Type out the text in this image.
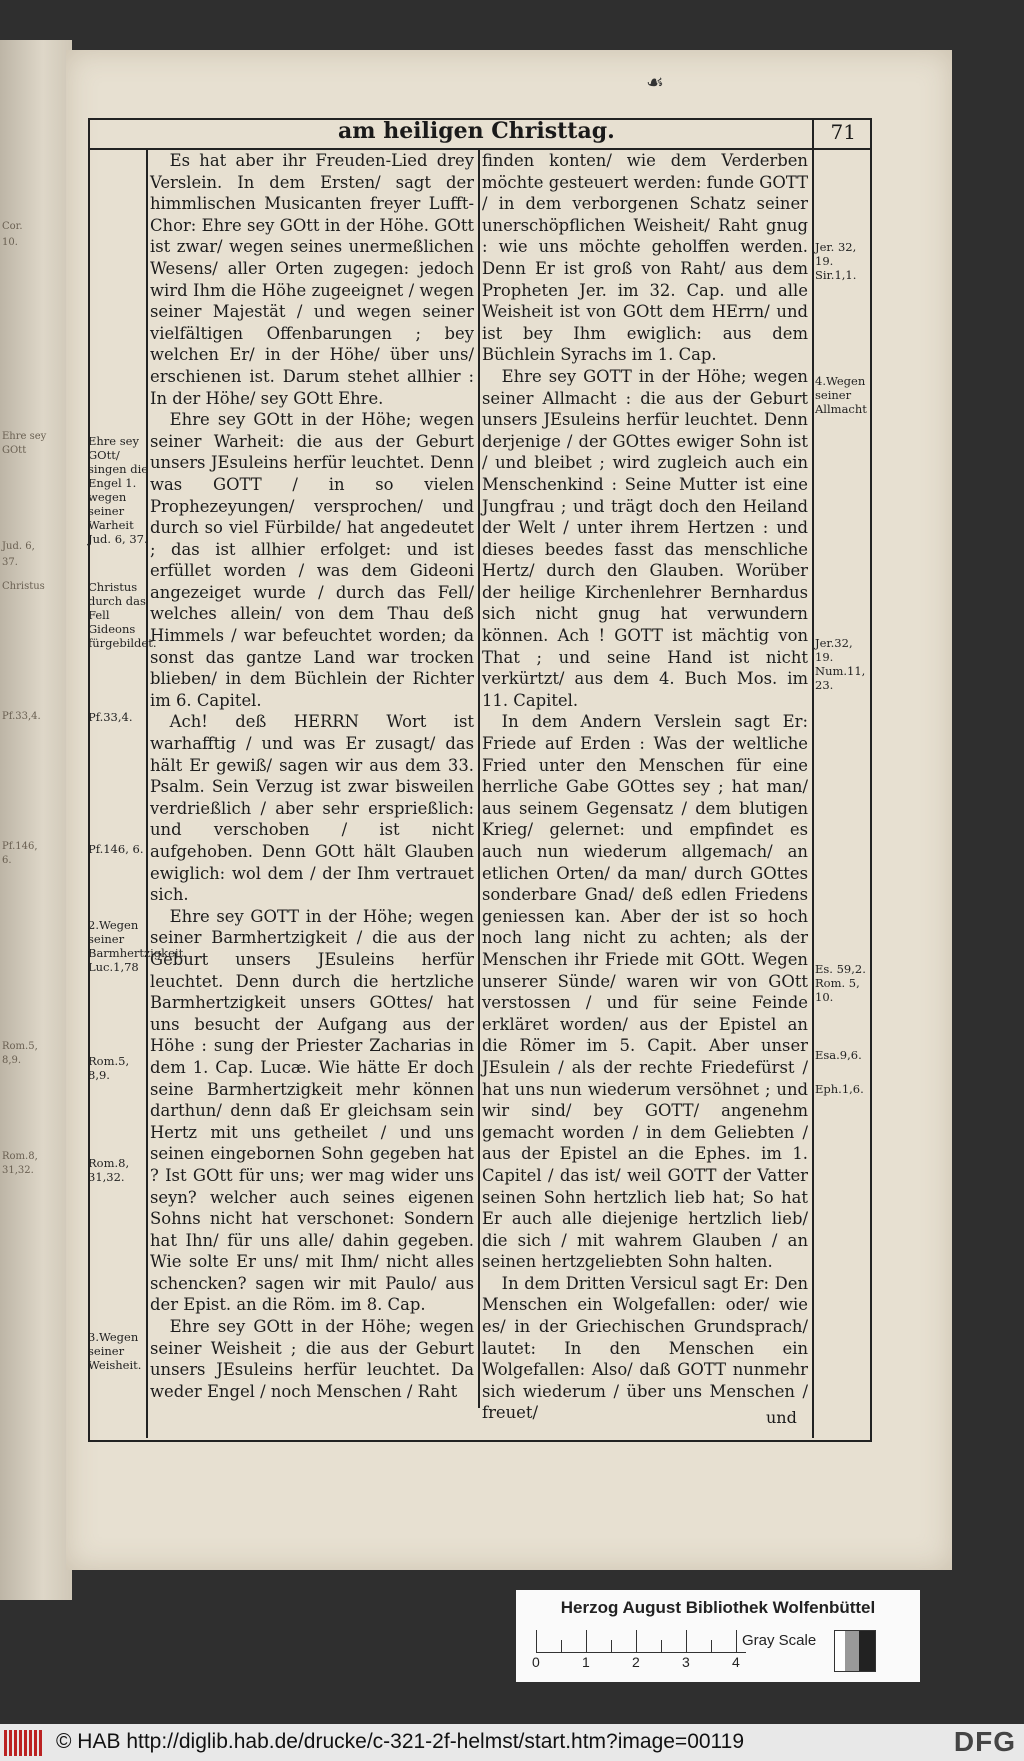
Cor.
10.
Ehre sey GOtt
Jud. 6,
37.
Christus
Pf.33,4.
Pf.146,
6.
Rom.5,
8,9.
Rom.8,
31,32.
☙
am heiligen Christtag.	71

Es hat aber ihr Freuden-Lied drey Verslein. In dem Ersten/ sagt der himmlischen Musicanten freyer Lufft-Chor: Ehre sey GOtt in der Höhe. GOtt ist zwar/ wegen seines unermeßlichen Wesens/ aller Orten zugegen: jedoch wird Ihm die Höhe zugeeignet / wegen seiner Majestät / und wegen seiner vielfältigen Offenbarungen ; bey welchen Er/ in der Höhe/ über uns/ erschienen ist. Darum stehet allhier : In der Höhe/ sey GOtt Ehre.

Ehre sey GOtt in der Höhe; wegen seiner Warheit: die aus der Geburt unsers JEsuleins herfür leuchtet. Denn was GOTT / in so vielen Prophezeyungen/ versprochen/ und durch so viel Fürbilde/ hat angedeutet ; das ist allhier erfolget: und ist erfüllet worden / was dem Gideoni angezeiget wurde / durch das Fell/ welches allein/ von dem Thau deß Himmels / war befeuchtet worden; da sonst das gantze Land war trocken blieben/ in dem Büchlein der Richter im 6. Capitel.

Ach! deß HERRN Wort ist warhafftig / und was Er zusagt/ das hält Er gewiß/ sagen wir aus dem 33. Psalm. Sein Verzug ist zwar bisweilen verdrießlich / aber sehr ersprießlich: und verschoben / ist nicht aufgehoben. Denn GOtt hält Glauben ewiglich: wol dem / der Ihm vertrauet sich.

Ehre sey GOTT in der Höhe; wegen seiner Barmhertzigkeit / die aus der Geburt unsers JEsuleins herfür leuchtet. Denn durch die hertzliche Barmhertzigkeit unsers GOttes/ hat uns besucht der Aufgang aus der Höhe : sung der Priester Zacharias in dem 1. Cap. Lucæ. Wie hätte Er doch seine Barmhertzigkeit mehr können darthun/ denn daß Er gleichsam sein Hertz mit uns getheilet / und uns seinen eingebornen Sohn gegeben hat ? Ist GOtt für uns; wer mag wider uns seyn? welcher auch seines eigenen Sohns nicht hat verschonet: Sondern hat Ihn/ für uns alle/ dahin gegeben. Wie solte Er uns/ mit Ihm/ nicht alles schencken? sagen wir mit Paulo/ aus der Epist. an die Röm. im 8. Cap.

Ehre sey GOtt in der Höhe; wegen seiner Weisheit ; die aus der Geburt unsers JEsuleins herfür leuchtet. Da weder Engel / noch Menschen / Raht

finden konten/ wie dem Verderben möchte gesteuert werden: funde GOTT / in dem verborgenen Schatz seiner unerschöpflichen Weisheit/ Raht gnug : wie uns möchte geholffen werden. Denn Er ist groß von Raht/ aus dem Propheten Jer. im 32. Cap. und alle Weisheit ist von GOtt dem HErrn/ und ist bey Ihm ewiglich: aus dem Büchlein Syrachs im 1. Cap.

Ehre sey GOTT in der Höhe; wegen seiner Allmacht : die aus der Geburt unsers JEsuleins herfür leuchtet. Denn derjenige / der GOttes ewiger Sohn ist / und bleibet ; wird zugleich auch ein Menschenkind : Seine Mutter ist eine Jungfrau ; und trägt doch den Heiland der Welt / unter ihrem Hertzen : und dieses beedes fasst das menschliche Hertz/ durch den Glauben. Worüber der heilige Kirchenlehrer Bernhardus sich nicht gnug hat verwundern können. Ach ! GOTT ist mächtig von That ; und seine Hand ist nicht verkürtzt/ aus dem 4. Buch Mos. im 11. Capitel.

In dem Andern Verslein sagt Er: Friede auf Erden : Was der weltliche Fried unter den Menschen für eine herrliche Gabe GOttes sey ; hat man/ aus seinem Gegensatz / dem blutigen Krieg/ gelernet: und empfindet es auch nun wiederum allgemach/ an etlichen Orten/ da man/ durch GOttes sonderbare Gnad/ deß edlen Friedens geniessen kan. Aber der ist so hoch noch lang nicht zu achten; als der Menschen ihr Friede mit GOtt. Wegen unserer Sünde/ waren wir von GOtt verstossen / und für seine Feinde erkläret worden/ aus der Epistel an die Römer im 5. Capit. Aber unser JEsulein / als der rechte Friedefürst / hat uns nun wiederum versöhnet ; und wir sind/ bey GOTT/ angenehm gemacht worden / in dem Geliebten / aus der Epistel an die Ephes. im 1. Capitel / das ist/ weil GOTT der Vatter seinen Sohn hertzlich lieb hat; So hat Er auch alle diejenige hertzlich lieb/ die sich / mit wahrem Glauben / an seinen hertzgeliebten Sohn halten.

In dem Dritten Versicul sagt Er: Den Menschen ein Wolgefallen: oder/ wie es/ in der Griechischen Grundsprach/ lautet: In den Menschen ein Wolgefallen: Also/ daß GOTT nunmehr sich wiederum / über uns Menschen / freuet/

Ehre sey GOtt/ singen die Engel 1. wegen seiner Warheit Jud. 6, 37.
Christus durch das Fell Gideons fürgebildet.
Pf.33,4.
Pf.146, 6.
2.Wegen seiner Barmhertzigkeit. Luc.1,78
Rom.5, 8,9.
Rom.8, 31,32.
3.Wegen seiner Weisheit.
Jer. 32, 19. Sir.1,1.
4.Wegen seiner Allmacht
Jer.32, 19. Num.11, 23.
Es. 59,2. Rom. 5, 10.
Esa.9,6.
Eph.1,6.
und
Herzog August Bibliothek Wolfenbüttel
0	1	2	3	4
Gray Scale
© HAB http://diglib.hab.de/drucke/c-321-2f-helmst/start.htm?image=00119	DFG
